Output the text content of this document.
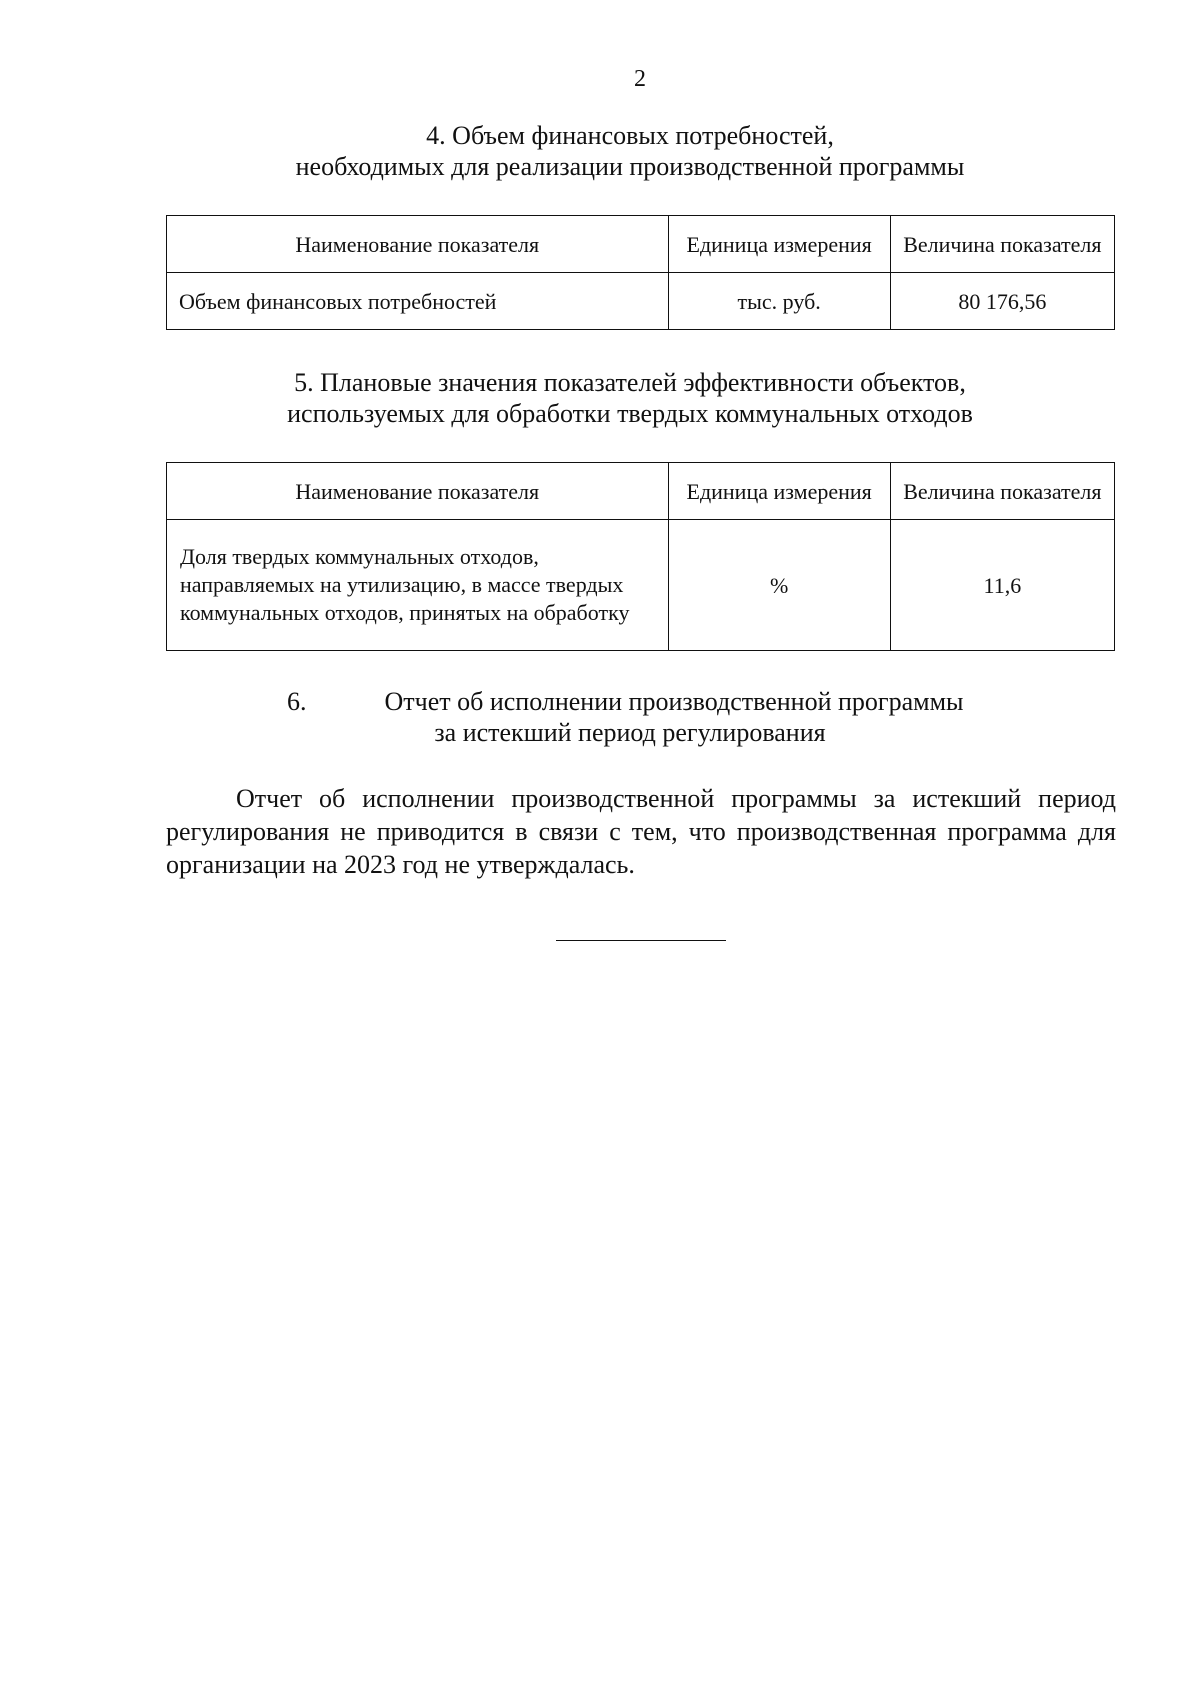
2
4. Объем финансовых потребностей,
необходимых для реализации производственной программы
Наименование показателя	Единица измерения	Величина показателя
Объем финансовых потребностей	тыс. руб.	80 176,56
5. Плановые значения показателей эффективности объектов,
используемых для обработки твердых коммунальных отходов
Наименование показателя	Единица измерения	Величина показателя
Доля твердых коммунальных отходов, направляемых на утилизацию, в массе твердых коммунальных отходов, принятых на обработку	%	11,6
6.	Отчет об исполнении производственной программы
за истекший период регулирования
Отчет об исполнении производственной программы за истекший период регулирования не приводится в связи с тем, что производственная программа для организации на 2023 год не утверждалась.
